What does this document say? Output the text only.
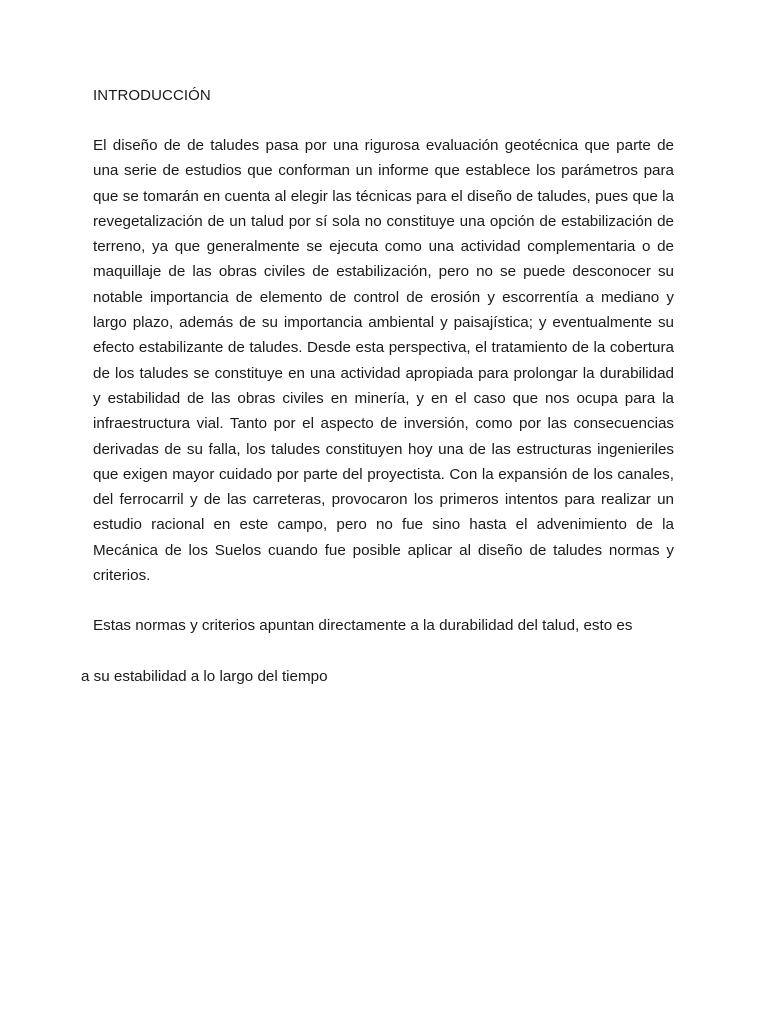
INTRODUCCIÓN
El diseño de de taludes pasa por una rigurosa evaluación geotécnica que parte de una serie de estudios que conforman un informe que establece los parámetros para que se tomarán en cuenta al elegir las técnicas para el diseño de taludes, pues que la revegetalización de un talud por sí sola no constituye una opción de estabilización de terreno, ya que generalmente se ejecuta como una actividad complementaria o de maquillaje de las obras civiles de estabilización, pero no se puede desconocer su notable importancia de elemento de control de erosión y escorrentía a mediano y largo plazo, además de su importancia ambiental y paisajística; y eventualmente su efecto estabilizante de taludes. Desde esta perspectiva, el tratamiento de la cobertura de los taludes se constituye en una actividad apropiada para prolongar la durabilidad y estabilidad de las obras civiles en minería, y en el caso que nos ocupa para la infraestructura vial. Tanto por el aspecto de inversión, como por las consecuencias derivadas de su falla, los taludes constituyen hoy una de las estructuras ingenieriles que exigen mayor cuidado por parte del proyectista. Con la expansión de los canales, del ferrocarril y de las carreteras, provocaron los primeros intentos para realizar un estudio racional en este campo, pero no fue sino hasta el advenimiento de la Mecánica de los Suelos cuando fue posible aplicar al diseño de taludes normas y criterios.

Estas normas y criterios apuntan directamente a la durabilidad del talud, esto es

a su estabilidad a lo largo del tiempo
